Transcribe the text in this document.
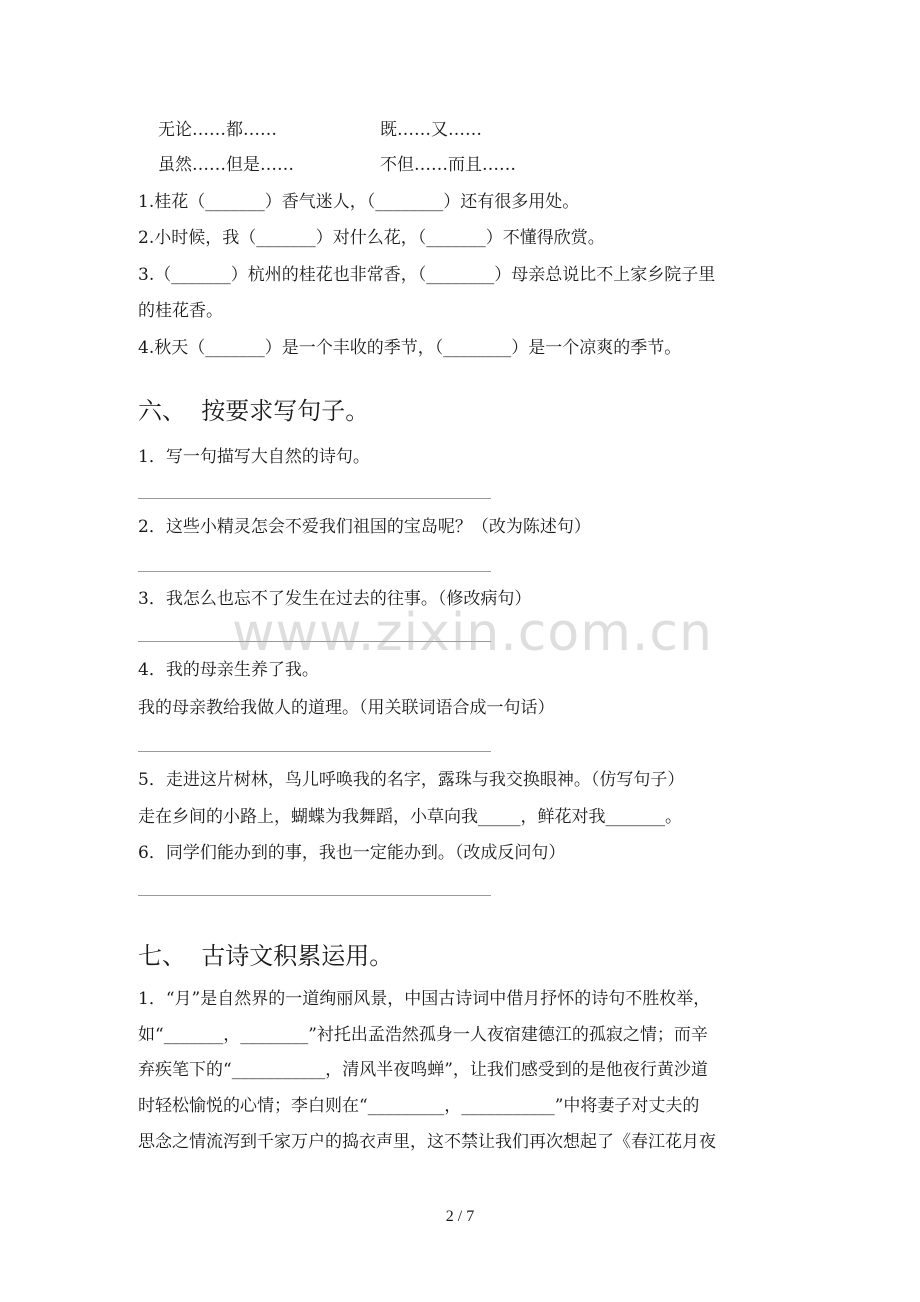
无论……都……	既……又……
虽然……但是……	不但……而且……
1.桂花（_______）香气迷人，（________）还有很多用处。
2.小时候，我（_______）对什么花，（_______）不懂得欣赏。
3.（_______）杭州的桂花也非常香，（________）母亲总说比不上家乡院子里
的桂花香。
4.秋天（_______）是一个丰收的季节，（________）是一个凉爽的季节。
六、  按要求写句子。
1．写一句描写大自然的诗句。
2．这些小精灵怎会不爱我们祖国的宝岛呢？（改为陈述句）
3．我怎么也忘不了发生在过去的往事。（修改病句）
4．我的母亲生养了我。
我的母亲教给我做人的道理。（用关联词语合成一句话）
5．走进这片树林，鸟儿呼唤我的名字，露珠与我交换眼神。（仿写句子）
走在乡间的小路上，蝴蝶为我舞蹈，小草向我_____，鲜花对我_______。
6．同学们能办到的事，我也一定能办到。（改成反问句）
七、  古诗文积累运用。
1．“月”是自然界的一道绚丽风景，中国古诗词中借月抒怀的诗句不胜枚举，
如“_______，________”衬托出孟浩然孤身一人夜宿建德江的孤寂之情；而辛
弃疾笔下的“___________，清风半夜鸣蝉”，让我们感受到的是他夜行黄沙道
时轻松愉悦的心情；李白则在“_________，___________”中将妻子对丈夫的
思念之情流泻到千家万户的捣衣声里，这不禁让我们再次想起了《春江花月夜
www.zixin.com.cn
2 / 7
